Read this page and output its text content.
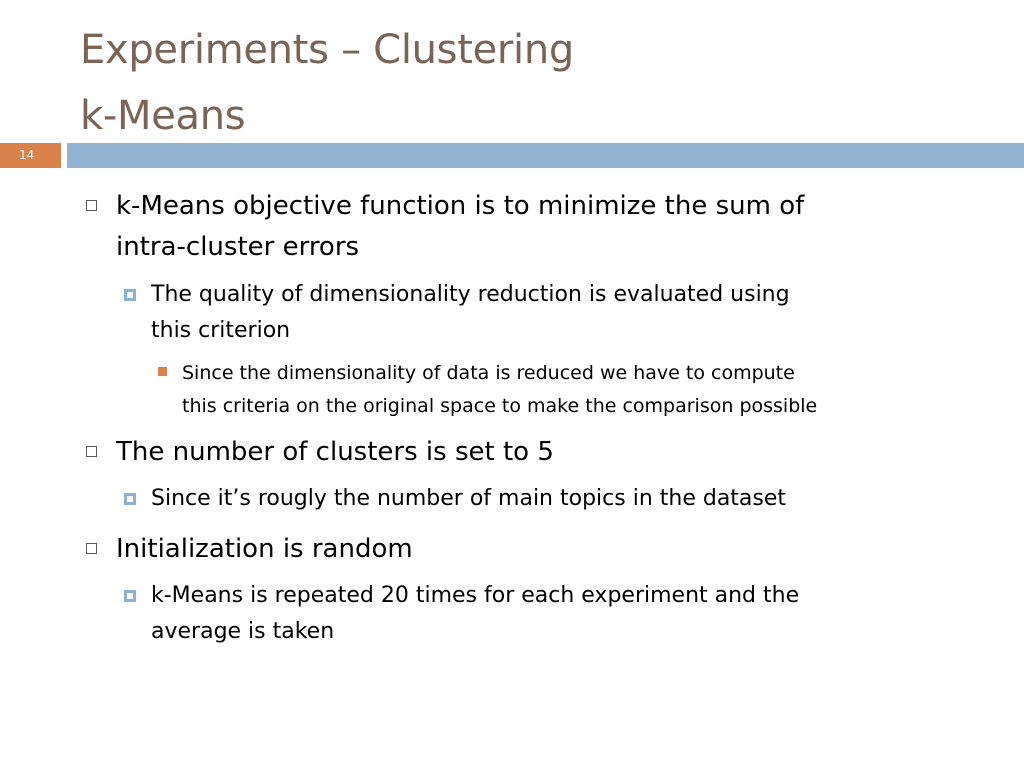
Experiments – Clustering
k-Means
14
k-Means objective function is to minimize the sum of
intra-cluster errors
The quality of dimensionality reduction is evaluated using
this criterion
Since the dimensionality of data is reduced we have to compute
this criteria on the original space to make the comparison possible
The number of clusters is set to 5
Since it’s rougly the number of main topics in the dataset
Initialization is random
k-Means is repeated 20 times for each experiment and the
average is taken
